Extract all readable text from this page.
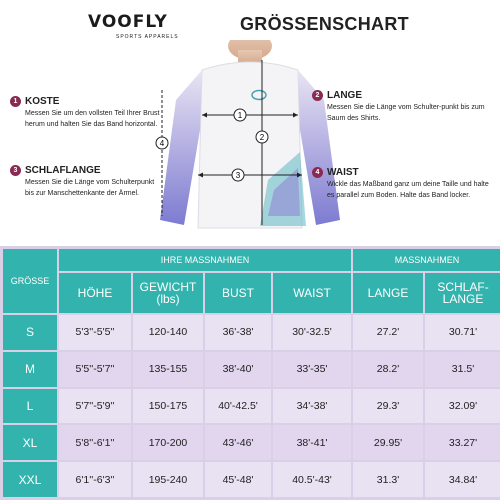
VOOFLY
SPORTS APPARELS
GRÖSSENSCHART
1
2
3
4
1 KOSTE
Messen Sie um den vollsten Teil Ihrer Brust herum und halten Sie das Band horizontal.
2 LANGE
Messen Sie die Länge vom Schulter-punkt bis zum Saum des Shirts.
3 SCHLAFLANGE
Messen Sie die Länge vom Schulterpunkt bis zur Manschettenkante der Ärmel.
4 WAIST
Wickle das Maßband ganz um deine Taille und halte es parallel zum Boden. Halte das Band locker.
GRÖSSE	IHRE MASSNAHMEN				MASSNAHMEN	
	HÖHE	GEWICHT (lbs)	BUST	WAIST	LANGE	SCHLAF-LANGE
S	5'3''-5'5''	120-140	36'-38'	30'-32.5'	27.2'	30.71'
M	5'5''-5'7''	135-155	38'-40'	33'-35'	28.2'	31.5'
L	5'7''-5'9''	150-175	40'-42.5'	34'-38'	29.3'	32.09'
XL	5'8''-6'1''	170-200	43'-46'	38'-41'	29.95'	33.27'
XXL	6'1''-6'3''	195-240	45'-48'	40.5'-43'	31.3'	34.84'
